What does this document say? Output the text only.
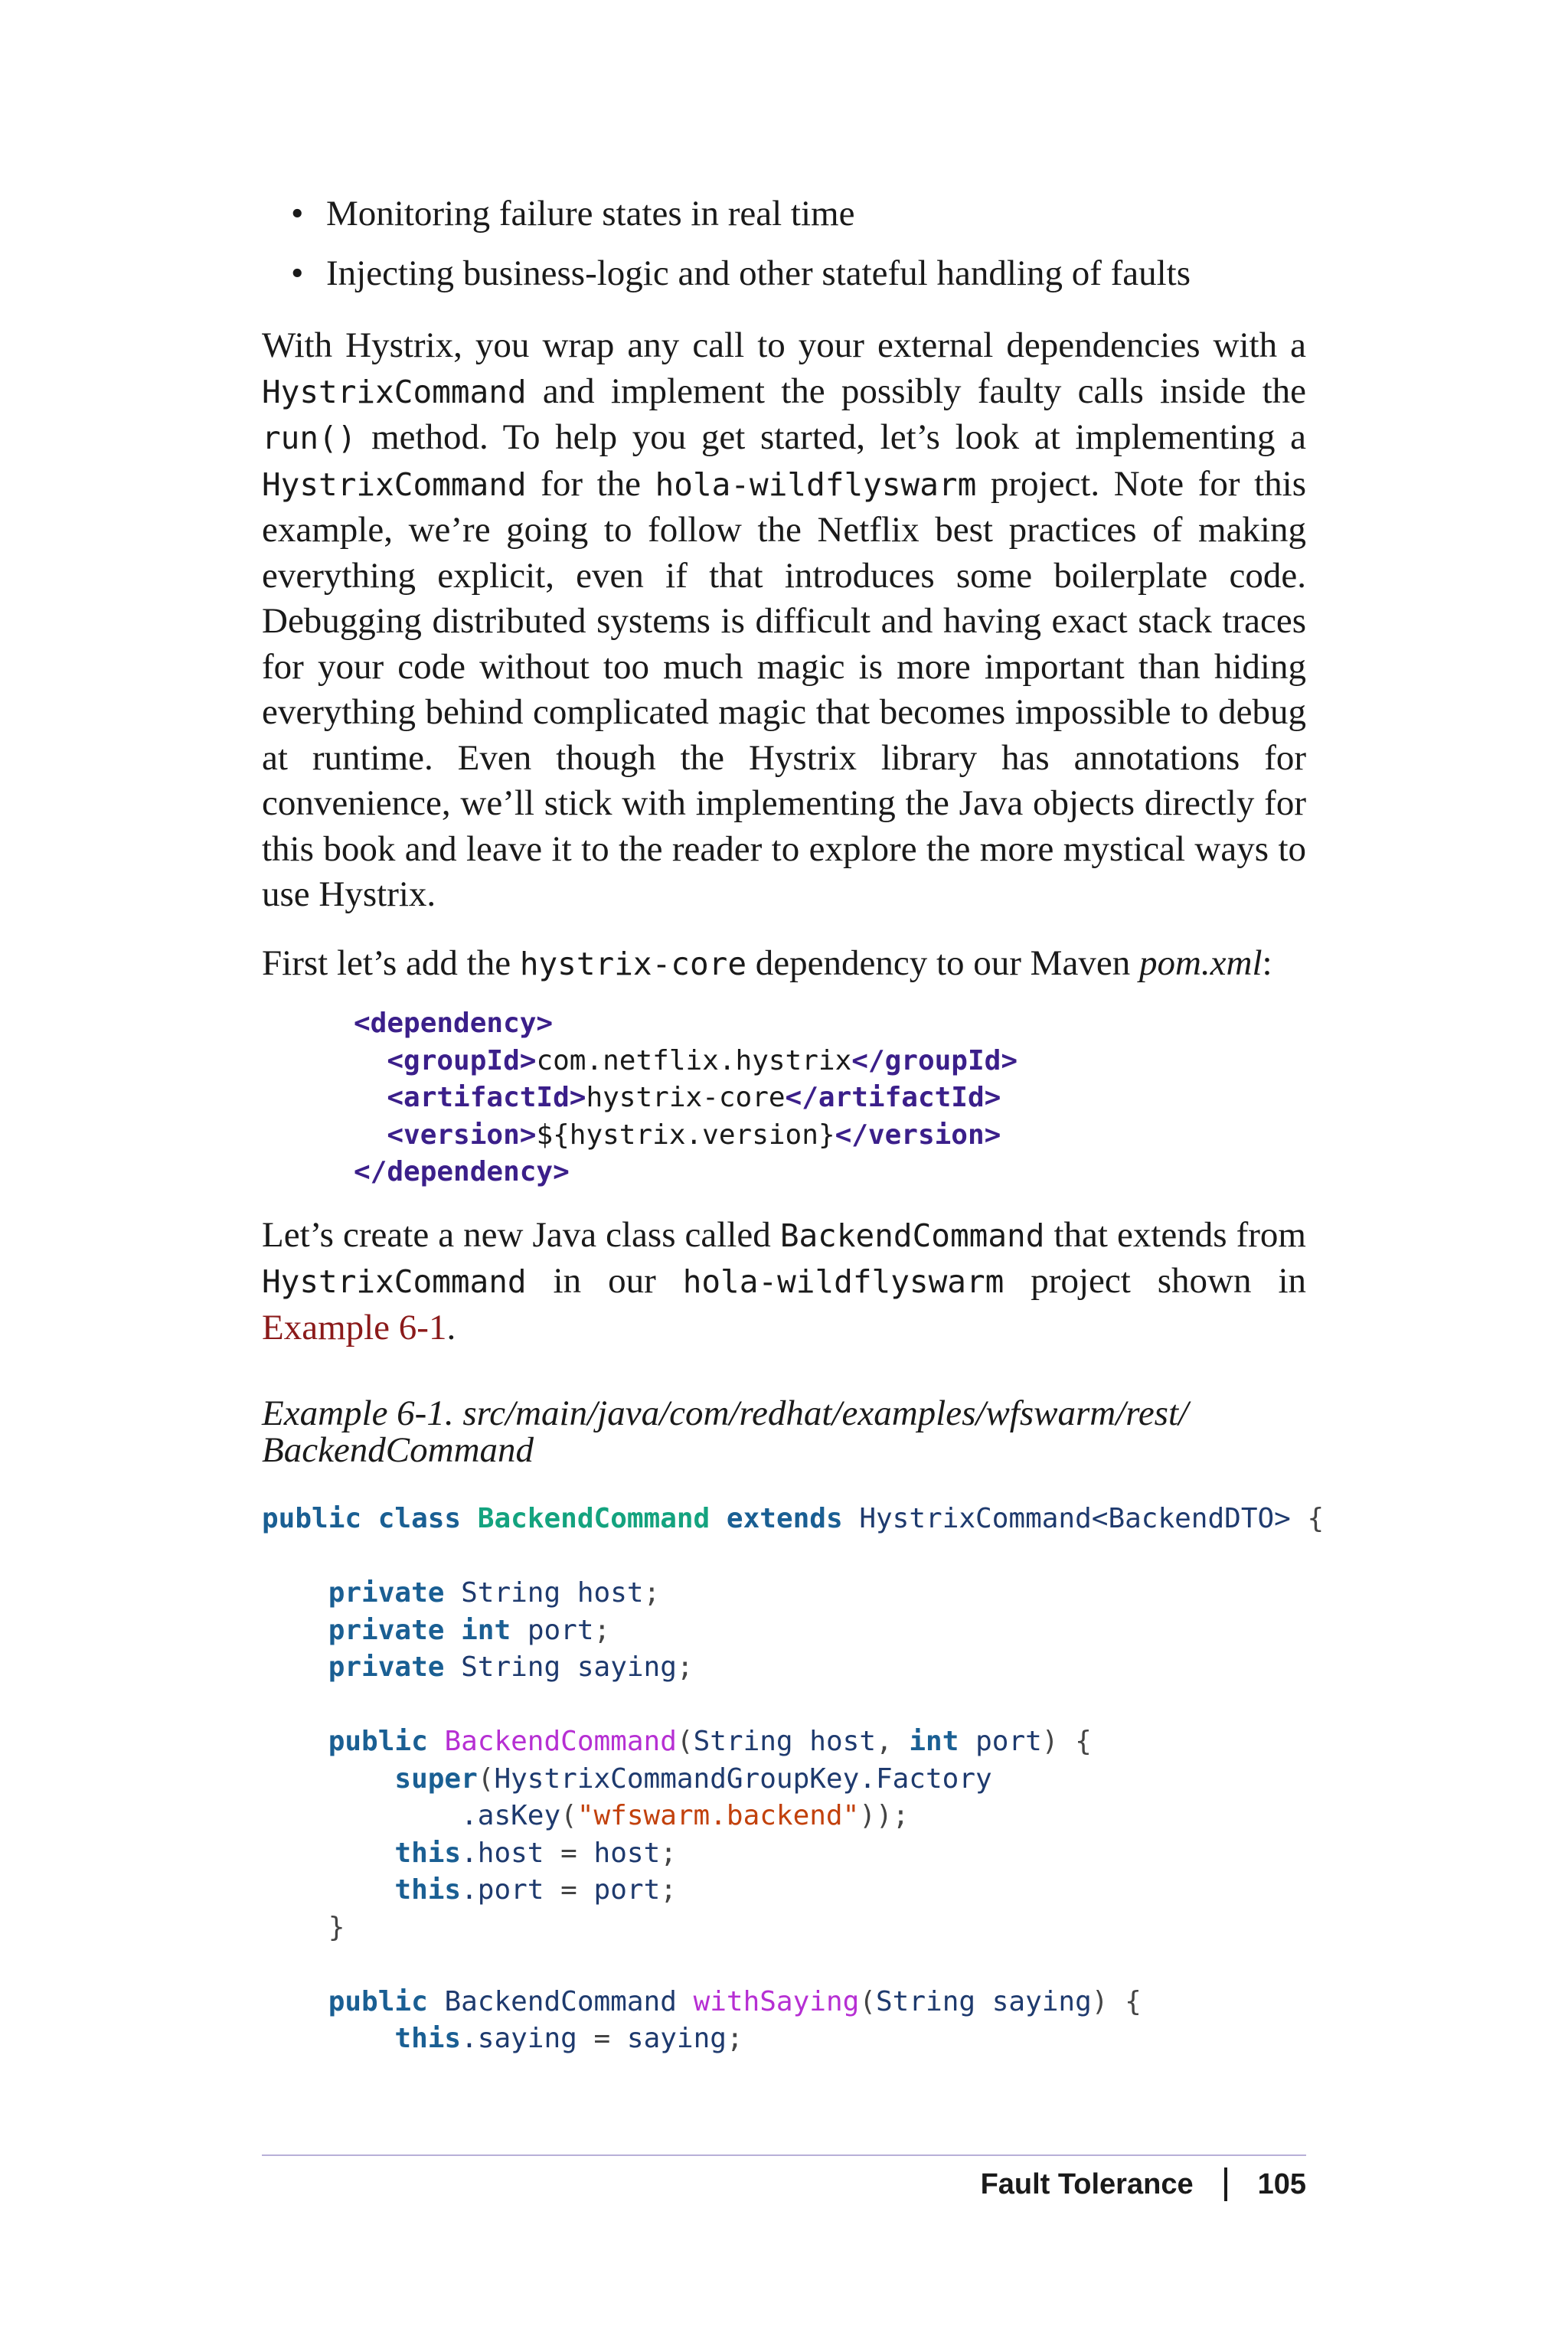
• Monitoring failure states in real time
• Injecting business-logic and other stateful handling of faults

With Hystrix, you wrap any call to your external dependencies with a HystrixCommand and implement the possibly faulty calls inside the run() method. To help you get started, let’s look at implementing a HystrixCommand for the hola-wildflyswarm project. Note for this example, we’re going to follow the Netflix best practices of making everything explicit, even if that introduces some boilerplate code. Debugging distributed systems is difficult and having exact stack traces for your code without too much magic is more important than hiding everything behind complicated magic that becomes impossible to debug at runtime. Even though the Hystrix library has annotations for convenience, we’ll stick with implementing the Java objects directly for this book and leave it to the reader to explore the more mystical ways to use Hystrix.

First let’s add the hystrix-core dependency to our Maven pom.xml:

<dependency>
<groupId>com.netflix.hystrix</groupId>
<artifactId>hystrix-core</artifactId>
<version>${hystrix.version}</version>
</dependency>

Let’s create a new Java class called BackendCommand that extends from HystrixCommand in our hola-wildflyswarm project shown in Example 6-1.

Example 6-1. src/main/java/com/redhat/examples/wfswarm/rest/
BackendCommand
public class BackendCommand extends HystrixCommand<BackendDTO> {

private String host;
private int port;
private String saying;

public BackendCommand(String host, int port) {
super(HystrixCommandGroupKey.Factory
.asKey("wfswarm.backend"));
this.host = host;
this.port = port;
}

public BackendCommand withSaying(String saying) {
this.saying = saying;
Fault Tolerance 105
